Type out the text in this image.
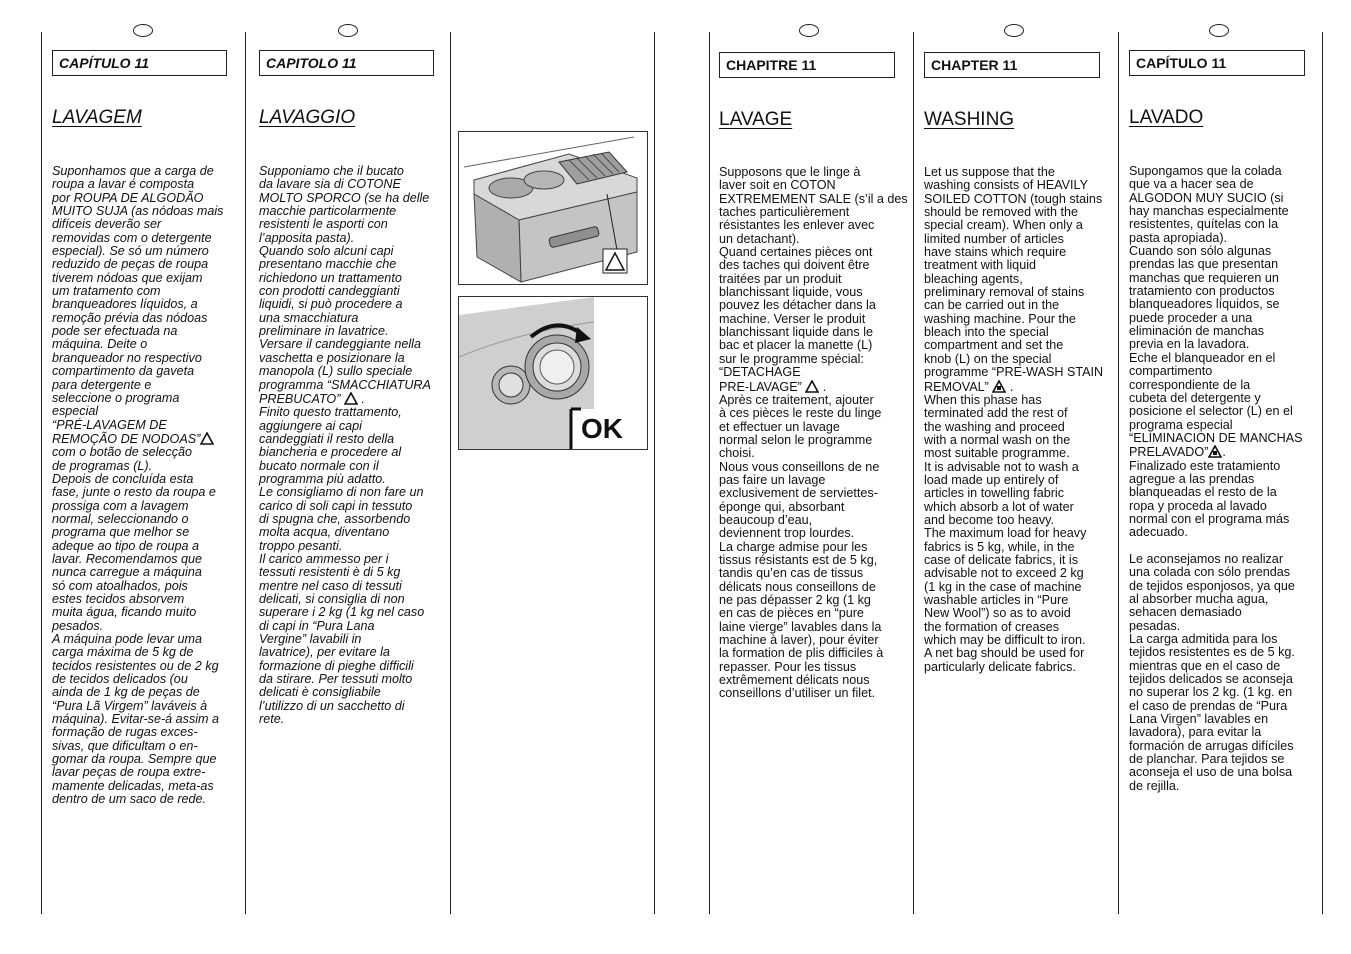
CAPÍTULO 11
LAVAGEM
Suponhamos que a carga de
roupa a lavar é composta
por ROUPA DE ALGODÃO
MUITO SUJA (as nódoas mais
difíceis deverão ser
removidas com o detergente
especial). Se só um número
reduzido de peças de roupa
tiverem nódoas que exijam
um tratamento com
branqueadores líquidos, a
remoção prévia das nódoas
pode ser efectuada na
máquina. Deite o
branqueador no respectivo
compartimento da gaveta
para detergente e
seleccione o programa
especial
“PRÉ-LAVAGEM DE
REMOÇÃO DE NODOAS”
com o botão de selecção
de programas (L).
Depois de concluída esta
fase, junte o resto da roupa e
prossiga com a lavagem
normal, seleccionando o
programa que melhor se
adeque ao tipo de roupa a
lavar. Recomendamos que
nunca carregue a máquina
só com atoalhados, pois
estes tecidos absorvem
muita água, ficando muito
pesados.
A máquina pode levar uma
carga máxima de 5 kg de
tecidos resistentes ou de 2 kg
de tecidos delicados (ou
ainda de 1 kg de peças de
“Pura Lã Virgem” laváveis à
máquina). Evitar-se-á assim a
formação de rugas exces-
sivas, que dificultam o en-
gomar da roupa. Sempre que
lavar peças de roupa extre-
mamente delicadas, meta-as
dentro de um saco de rede.
CAPITOLO 11
LAVAGGIO
Supponiamo che il bucato
da lavare sia di COTONE
MOLTO SPORCO (se ha delle
macchie particolarmente
resistenti le asporti con
l’apposita pasta).
Quando solo alcuni capi
presentano macchie che
richiedono un trattamento
con prodotti candeggianti
liquidi, si può procedere a
una smacchiatura
preliminare in lavatrice.
Versare il candeggiante nella
vaschetta e posizionare la
manopola (L) sullo speciale
programma “SMACCHIATURA
PREBUCATO”  .
Finito questo trattamento,
aggiungere ai capi
candeggiati il resto della
biancheria e procedere al
bucato normale con il
programma più adatto.
Le consigliamo di non fare un
carico di soli capi in tessuto
di spugna che, assorbendo
molta acqua, diventano
troppo pesanti.
Il carico ammesso per i
tessuti resistenti è di 5 kg
mentre nel caso di tessuti
delicati, si consiglia di non
superare i 2 kg (1 kg nel caso
di capi in “Pura Lana
Vergine” lavabili in
lavatrice), per evitare la
formazione di pieghe difficili
da stirare. Per tessuti molto
delicati è consigliabile
l’utilizzo di un sacchetto di
rete.
OK
CHAPITRE 11
LAVAGE
Supposons que le linge à
laver soit en COTON
EXTREMEMENT SALE (s’il a des
taches particulièrement
résistantes les enlever avec
un detachant).
Quand certaines pièces ont
des taches qui doivent être
traitées par un produit
blanchissant liquide, vous
pouvez les détacher dans la
machine. Verser le produit
blanchissant liquide dans le
bac et placer la manette (L)
sur le programme spécial:
“DETACHAGE
PRE-LAVAGE”  .
Après ce traitement, ajouter
à ces pièces le reste du linge
et effectuer un lavage
normal selon le programme
choisi.
Nous vous conseillons de ne
pas faire un lavage
exclusivement de serviettes-
éponge qui, absorbant
beaucoup d’eau,
deviennent trop lourdes.
La charge admise pour les
tissus résistants est de 5 kg,
tandis qu’en cas de tissus
délicats nous conseillons de
ne pas dépasser 2 kg (1 kg
en cas de pièces en “pure
laine vierge” lavables dans la
machine à laver), pour éviter
la formation de plis difficiles à
repasser. Pour les tissus
extrêmement délicats nous
conseillons d’utiliser un filet.
CHAPTER 11
WASHING
Let us suppose that the
washing consists of HEAVILY
SOILED COTTON (tough stains
should be removed with the
special cream). When only a
limited number of articles
have stains which require
treatment with liquid
bleaching agents,
preliminary removal of stains
can be carried out in the
washing machine. Pour the
bleach into the special
compartment and set the
knob (L) on the special
programme “PRE-WASH STAIN
REMOVAL”  .
When this phase has
terminated add the rest of
the washing and proceed
with a normal wash on the
most suitable programme.
It is advisable not to wash a
load made up entirely of
articles in towelling fabric
which absorb a lot of water
and become too heavy.
The maximum load for heavy
fabrics is 5 kg, while, in the
case of delicate fabrics, it is
advisable not to exceed 2 kg
(1 kg in the case of machine
washable articles in “Pure
New Wool”) so as to avoid
the formation of creases
which may be difficult to iron.
A net bag should be used for
particularly delicate fabrics.
CAPÍTULO 11
LAVADO
Supongamos que la colada
que va a hacer sea de
ALGODON MUY SUCIO (si
hay manchas especialmente
resistentes, quítelas con la
pasta apropiada).
Cuando son sólo algunas
prendas las que presentan
manchas que requieren un
tratamiento con productos
blanqueadores líquidos, se
puede proceder a una
eliminación de manchas
previa en la lavadora.
Eche el blanqueador en el
compartimento
correspondiente de la
cubeta del detergente y
posicione el selector (L) en el
programa especial
“ELIMINACION DE MANCHAS
PRELAVADO” .
Finalizado este tratamiento
agregue a las prendas
blanqueadas el resto de la
ropa y proceda al lavado
normal con el programa más
adecuado.

Le aconsejamos no realizar
una colada con sólo prendas
de tejidos esponjosos, ya que
al absorber mucha agua,
sehacen demasiado
pesadas.
La carga admitida para los
tejidos resistentes es de 5 kg.
mientras que en el caso de
tejidos delicados se aconseja
no superar los 2 kg. (1 kg. en
el caso de prendas de “Pura
Lana Virgen” lavables en
lavadora), para evitar la
formación de arrugas difíciles
de planchar. Para tejidos se
aconseja el uso de una bolsa
de rejilla.
